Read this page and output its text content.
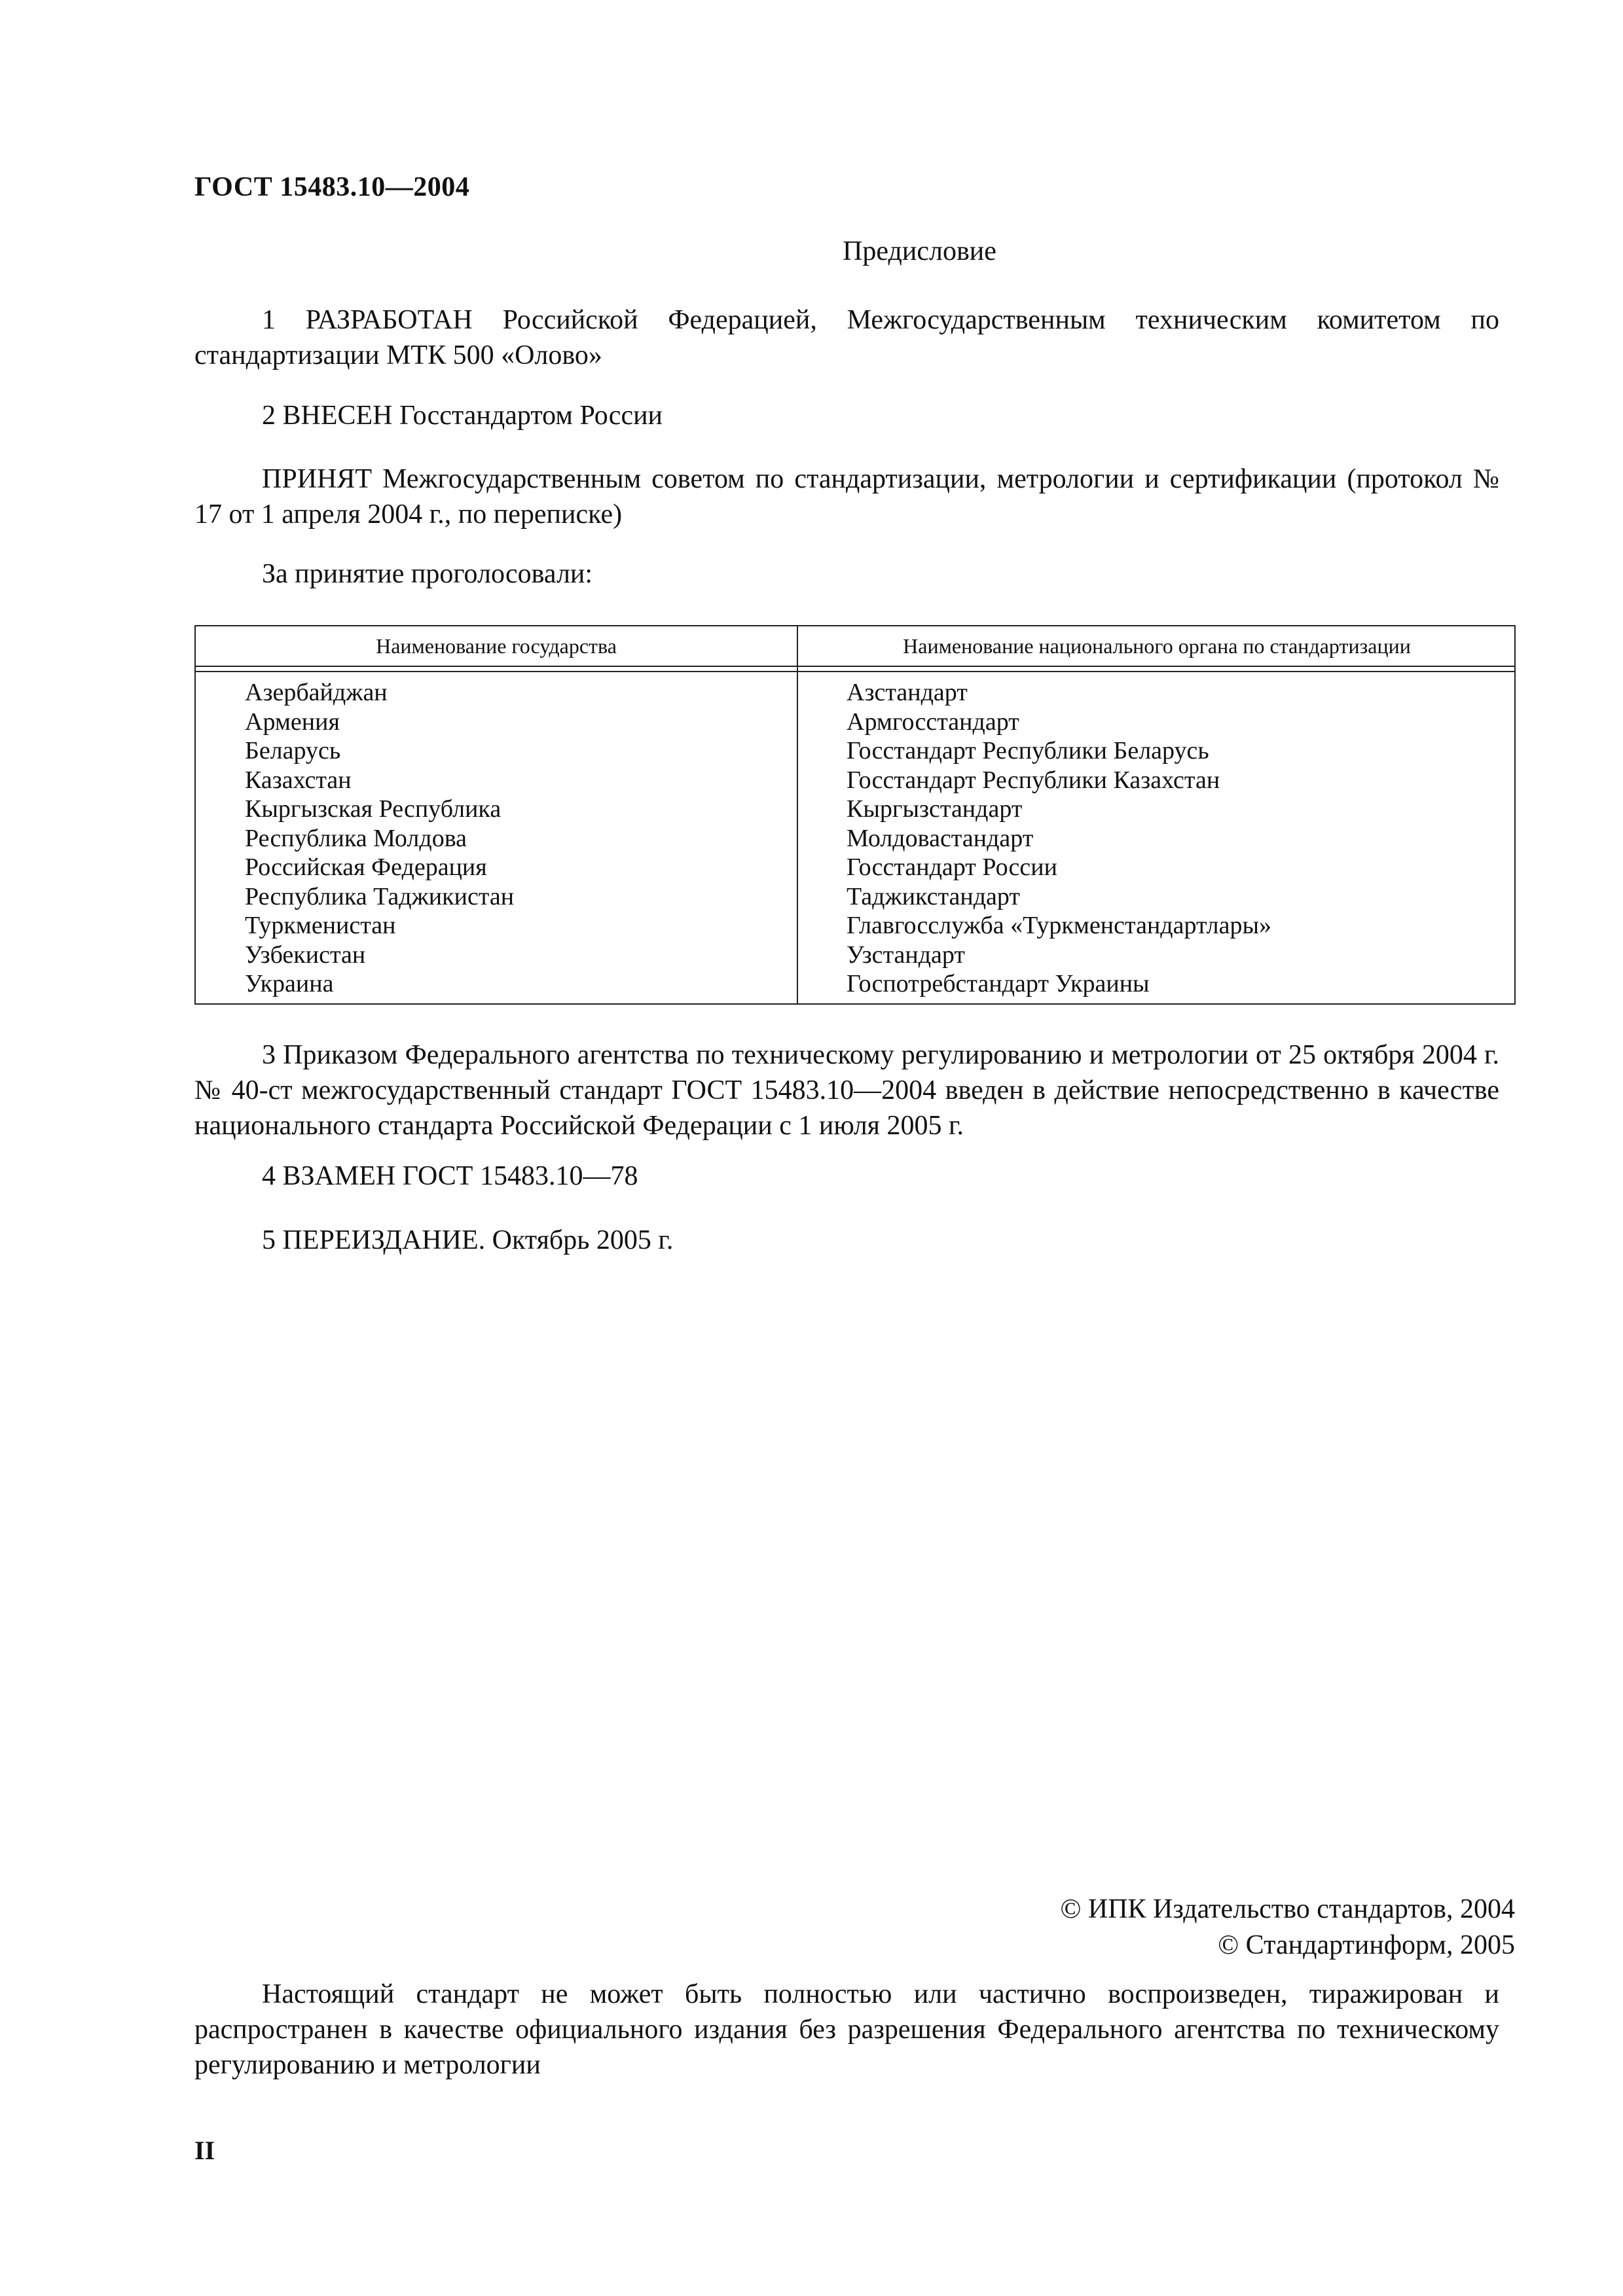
ГОСТ 15483.10—2004
Предисловие

1 РАЗРАБОТАН Российской Федерацией, Межгосударственным техническим комитетом по стандартизации МТК 500 «Олово»

2 ВНЕСЕН Госстандартом России

ПРИНЯТ Межгосударственным советом по стандартизации, метрологии и сертификации (протокол № 17 от 1 апреля 2004 г., по переписке)

За принятие проголосовали:

Наименование государства	Наименование национального органа по стандартизации
Азербайджан
Армения
Беларусь
Казахстан
Кыргызская Республика
Республика Молдова
Российская Федерация
Республика Таджикистан
Туркменистан
Узбекистан
Украина
Азстандарт
Армгосстандарт
Госстандарт Республики Беларусь
Госстандарт Республики Казахстан
Кыргызстандарт
Молдовастандарт
Госстандарт России
Таджикстандарт
Главгосслужба «Туркменстандартлары»
Узстандарт
Госпотребстандарт Украины

3 Приказом Федерального агентства по техническому регулированию и метрологии от 25 октября 2004 г. № 40-ст межгосударственный стандарт ГОСТ 15483.10—2004 введен в действие непосредственно в качестве национального стандарта Российской Федерации с 1 июля 2005 г.

4 ВЗАМЕН ГОСТ 15483.10—78

5 ПЕРЕИЗДАНИЕ. Октябрь 2005 г.

© ИПК Издательство стандартов, 2004
© Стандартинформ, 2005

Настоящий стандарт не может быть полностью или частично воспроизведен, тиражирован и распространен в качестве официального издания без разрешения Федерального агентства по техническому регулированию и метрологии

II
